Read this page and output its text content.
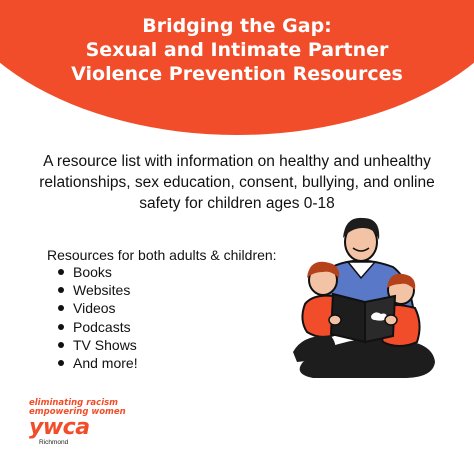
Bridging the Gap:
Sexual and Intimate Partner
Violence Prevention Resources
A resource list with information on healthy and unhealthy
relationships, sex education, consent, bullying, and online
safety for children ages 0-18
Resources for both adults & children:
Books
Websites
Videos
Podcasts
TV Shows
And more!
eliminating racism
empowering women
ywca
Richmond
